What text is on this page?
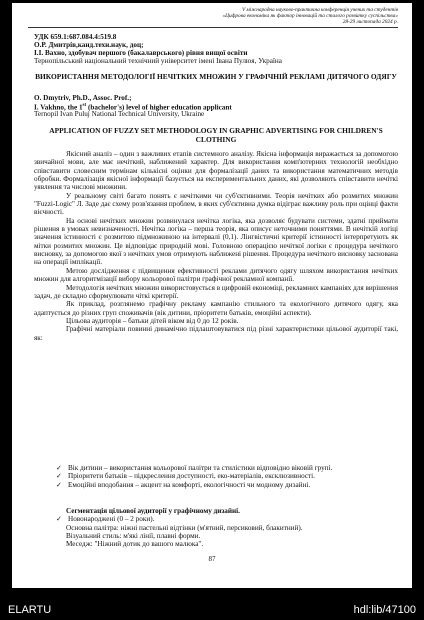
V міжнародна науково-практична конференція учених та студентів
«Цифрова економіка як фактор інновацій та сталого розвитку суспільства»
28-29 листопада 2024 р.
УДК 659.1:687.084.4:519.8
О.Р. Дмитрів,канд.техн.наук, доц;
І.І. Вахно, здобувач першого (бакалаврського) рівня вищої освіти
Тернопільський національний технічний університет імені Івана Пулюя, Україна
ВИКОРИСТАННЯ МЕТОДОЛОГІЇ НЕЧІТКИХ МНОЖИН У ГРАФІЧНІЙ РЕКЛАМІ ДИТЯЧОГО ОДЯГУ
O. Dmytriv, Ph.D., Assoc. Prof.;
I. Vakhno, the 1st (bachelor's) level of higher education applicant
Ternopil Ivan Puluj National Technical University, Ukraine
APPLICATION OF FUZZY SET METHODOLOGY IN GRAPHIC ADVERTISING FOR CHILDREN'S CLOTHING

Якісний аналіз – один з важливих етапів системного аналізу. Якісна інформація виражається за допомогою звичайної мови, але має нечіткий, наближений характер. Для використання комп'ютерних технологій необхідно співставити словесним термінам кількісні оцінки для формалізації даних та використання математичних методів обробки. Формалізація якісної інформації базується на експериментальних даних, які дозволяють співставити нечіткі уявлення та числові множини.

У реальному світі багато понять є нечіткими чи суб'єктивними. Теорія нечітких або розмитих множин "Fuzzi-Logic" Л. Заде дає схему розв'язання проблем, в яких суб'єктивна думка відіграє важливу роль при оцінці факти вієчності.

На основі нечітких множин розвинулася нечітка логіка, яка дозволяє будувати системи, здатні приймати рішення в умовах невизначеності. Нечітка логіка – перша теорія, яка описує неточними поняттями. В нечіткій логіці значення істинності є розмитою підмножиною на інтервалі (0,1). Лінгвістичні критерії істинності інтерпретують як мітки розмитих множин. Це відповідає природній мові. Головною операцією нечіткої логіки є процедура нечіткого висновку, за допомогою якої з нечітких умов отримують наближені рішення. Процедура нечіткого висновку заснована на операції імплікації.

Метою дослідження є підвищення ефективності реклами дитячого одягу шляхом використання нечітких множин для алгоритмізації вибору кольорової палітри графічної рекламної компанії.

Методологія нечітких множин використовується в цифровій економіці, рекламних кампаніях для вирішення задач, де складно сформулювати чіткі критерії.

Як приклад, розглянемо графічну рекламу кампанію стильного та екологічного дитячого одягу, яка адаптується до різних груп споживачів (вік дитини, пріоритети батьків, емоційні аспекти).

Цільова аудиторія – батьки дітей віком від 0 до 12 років.

Графічні матеріали повинні динамічно підлаштовуватися під різні характеристики цільової аудиторії такі, як:

✓ Вік дитини – використання кольорової палітри та стилістики відповідно віковій групі.
✓ Пріоритети батьків – підкреслення доступності, еко-матеріалів, ексклюзивності.
✓ Емоційні вподобання – акцент на комфорті, екологічності чи модному дизайні.
Сегментація цільової аудиторії у графічному дизайні.
✓ Новонароджені (0 – 2 роки).
Основна палітра: ніжні пастельні відтінки (м'ятний, персиковий, блакитний).
Візуальний стиль: м'які лінії, плавні форми.
Меседж: "Ніжний дотик до вашого малюка".
87
ELARTU	hdl:lib/47100
